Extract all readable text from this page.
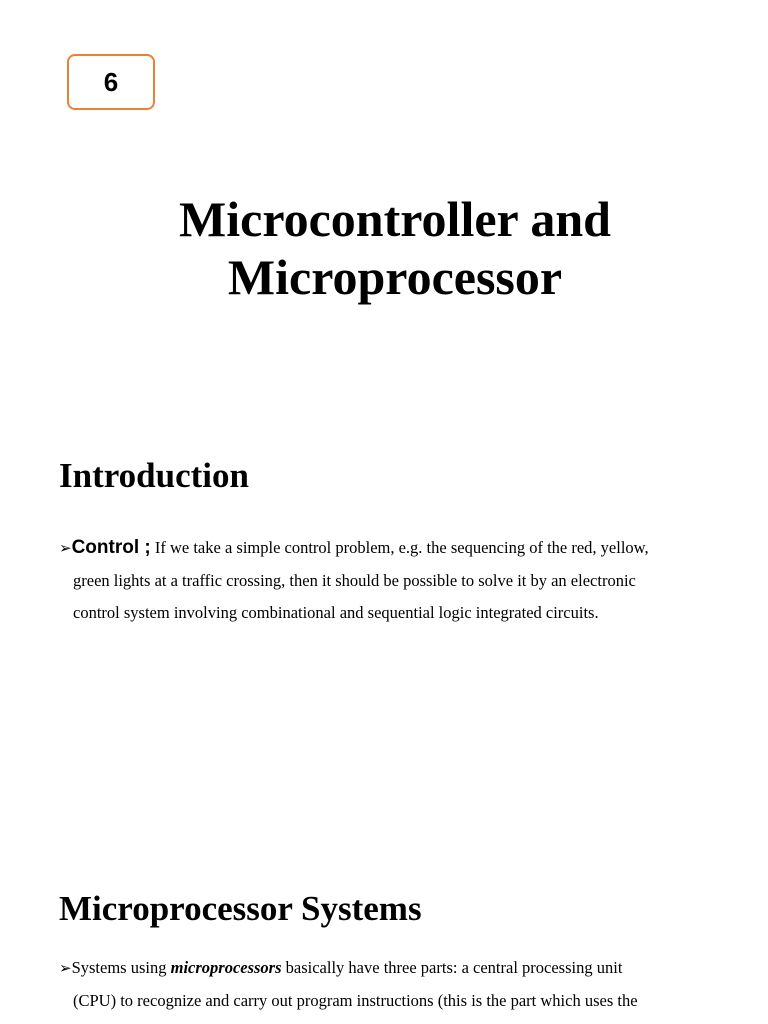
6
Microcontroller and
Microprocessor
Introduction

➢Control ; If we take a simple control problem, e.g. the sequencing of the red, yellow,
green lights at a traffic crossing, then it should be possible to solve it by an electronic
control system involving combinational and sequential logic integrated circuits.

Microprocessor Systems

➢Systems using microprocessors basically have three parts: a central processing unit
(CPU) to recognize and carry out program instructions (this is the part which uses the
